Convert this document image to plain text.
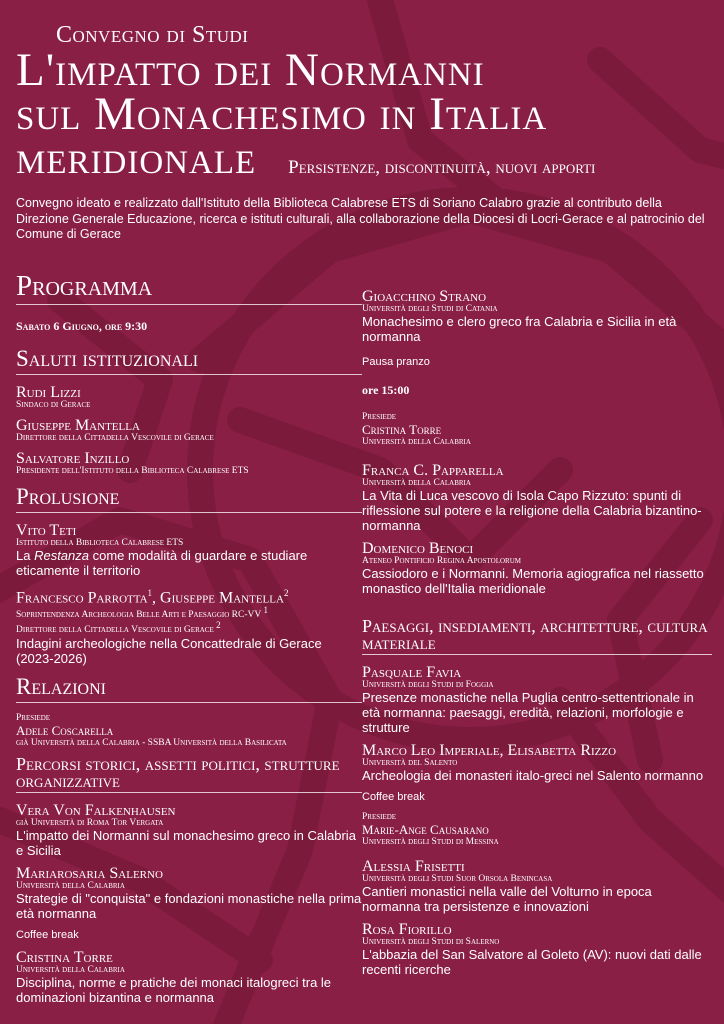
Convegno di Studi
L'impatto dei Normanni
sul Monachesimo in Italia
meridionale Persistenze, discontinuità, nuovi apporti
Convegno ideato e realizzato dall'Istituto della Biblioteca Calabrese ETS di Soriano Calabro grazie al contributo della Direzione Generale Educazione, ricerca e istituti culturali, alla collaborazione della Diocesi di Locri-Gerace e al patrocinio del Comune di Gerace
Programma
Sabato 6 Giugno, ore 9:30
Saluti istituzionali
Rudi Lizzi
Sindaco di Gerace
Giuseppe Mantella
Direttore della Cittadella Vescovile di Gerace
Salvatore Inzillo
Presidente dell'Istituto della Biblioteca Calabrese ETS
Prolusione
Vito Teti
Istituto della Biblioteca Calabrese ETS
La Restanza come modalità di guardare e studiare eticamente il territorio
Francesco Parrotta$^1$, Giuseppe Mantella$^2$
Soprintendenza Archeologia Belle Arti e Paesaggio RC-VV $^1$
Direttore della Cittadella Vescovile di Gerace $^2$
Indagini archeologiche nella Concattedrale di Gerace (2023-2026)
Relazioni
Presiede
Adele Coscarella
già Università della Calabria - SSBA Università della Basilicata
Percorsi storici, assetti politici, strutture organizzative
Vera Von Falkenhausen
già Università di Roma Tor Vergata
L'impatto dei Normanni sul monachesimo greco in Calabria e Sicilia
Mariarosaria Salerno
Università della Calabria
Strategie di "conquista" e fondazioni monastiche nella prima età normanna
Coffee break
Cristina Torre
Università della Calabria
Disciplina, norme e pratiche dei monaci italogreci tra le dominazioni bizantina e normanna
Gioacchino Strano
Università degli Studi di Catania
Monachesimo e clero greco fra Calabria e Sicilia in età normanna
Pausa pranzo
ore 15:00
Presiede
Cristina Torre
Università della Calabria
Franca C. Papparella
Università della Calabria
La Vita di Luca vescovo di Isola Capo Rizzuto: spunti di riflessione sul potere e la religione della Calabria bizantino-normanna
Domenico Benoci
Ateneo Pontificio Regina Apostolorum
Cassiodoro e i Normanni. Memoria agiografica nel riassetto monastico dell'Italia meridionale
Paesaggi, insediamenti, architetture, cultura materiale
Pasquale Favia
Università degli Studi di Foggia
Presenze monastiche nella Puglia centro-settentrionale in età normanna: paesaggi, eredità, relazioni, morfologie e strutture
Marco Leo Imperiale, Elisabetta Rizzo
Università del Salento
Archeologia dei monasteri italo-greci nel Salento normanno
Coffee break
Presiede
Marie-Ange Causarano
Università degli Studi di Messina
Alessia Frisetti
Università degli Studi Suor Orsola Benincasa
Cantieri monastici nella valle del Volturno in epoca normanna tra persistenze e innovazioni
Rosa Fiorillo
Università degli Studi di Salerno
L'abbazia del San Salvatore al Goleto (AV): nuovi dati dalle recenti ricerche
